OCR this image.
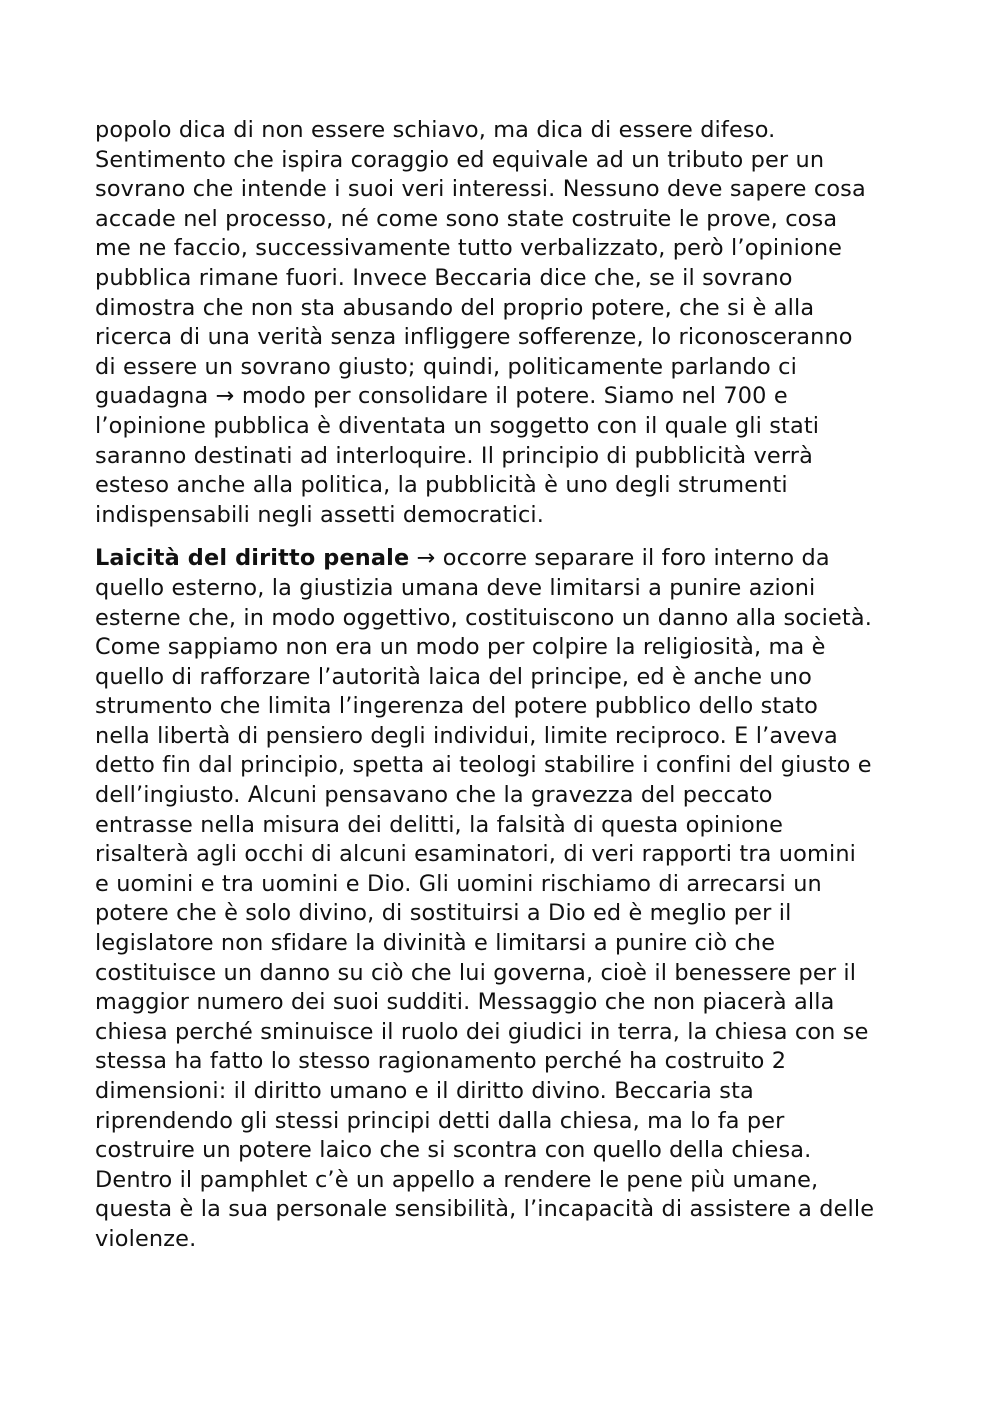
popolo dica di non essere schiavo, ma dica di essere difeso.
Sentimento che ispira coraggio ed equivale ad un tributo per un
sovrano che intende i suoi veri interessi. Nessuno deve sapere cosa
accade nel processo, né come sono state costruite le prove, cosa
me ne faccio, successivamente tutto verbalizzato, però l’opinione
pubblica rimane fuori. Invece Beccaria dice che, se il sovrano
dimostra che non sta abusando del proprio potere, che si è alla
ricerca di una verità senza infliggere sofferenze, lo riconosceranno
di essere un sovrano giusto; quindi, politicamente parlando ci
guadagna → modo per consolidare il potere. Siamo nel 700 e
l’opinione pubblica è diventata un soggetto con il quale gli stati
saranno destinati ad interloquire. Il principio di pubblicità verrà
esteso anche alla politica, la pubblicità è uno degli strumenti
indispensabili negli assetti democratici.
Laicità del diritto penale → occorre separare il foro interno da
quello esterno, la giustizia umana deve limitarsi a punire azioni
esterne che, in modo oggettivo, costituiscono un danno alla società.
Come sappiamo non era un modo per colpire la religiosità, ma è
quello di rafforzare l’autorità laica del principe, ed è anche uno
strumento che limita l’ingerenza del potere pubblico dello stato
nella libertà di pensiero degli individui, limite reciproco. E l’aveva
detto fin dal principio, spetta ai teologi stabilire i confini del giusto e
dell’ingiusto. Alcuni pensavano che la gravezza del peccato
entrasse nella misura dei delitti, la falsità di questa opinione
risalterà agli occhi di alcuni esaminatori, di veri rapporti tra uomini
e uomini e tra uomini e Dio. Gli uomini rischiamo di arrecarsi un
potere che è solo divino, di sostituirsi a Dio ed è meglio per il
legislatore non sfidare la divinità e limitarsi a punire ciò che
costituisce un danno su ciò che lui governa, cioè il benessere per il
maggior numero dei suoi sudditi. Messaggio che non piacerà alla
chiesa perché sminuisce il ruolo dei giudici in terra, la chiesa con se
stessa ha fatto lo stesso ragionamento perché ha costruito 2
dimensioni: il diritto umano e il diritto divino. Beccaria sta
riprendendo gli stessi principi detti dalla chiesa, ma lo fa per
costruire un potere laico che si scontra con quello della chiesa.
Dentro il pamphlet c’è un appello a rendere le pene più umane,
questa è la sua personale sensibilità, l’incapacità di assistere a delle
violenze.
